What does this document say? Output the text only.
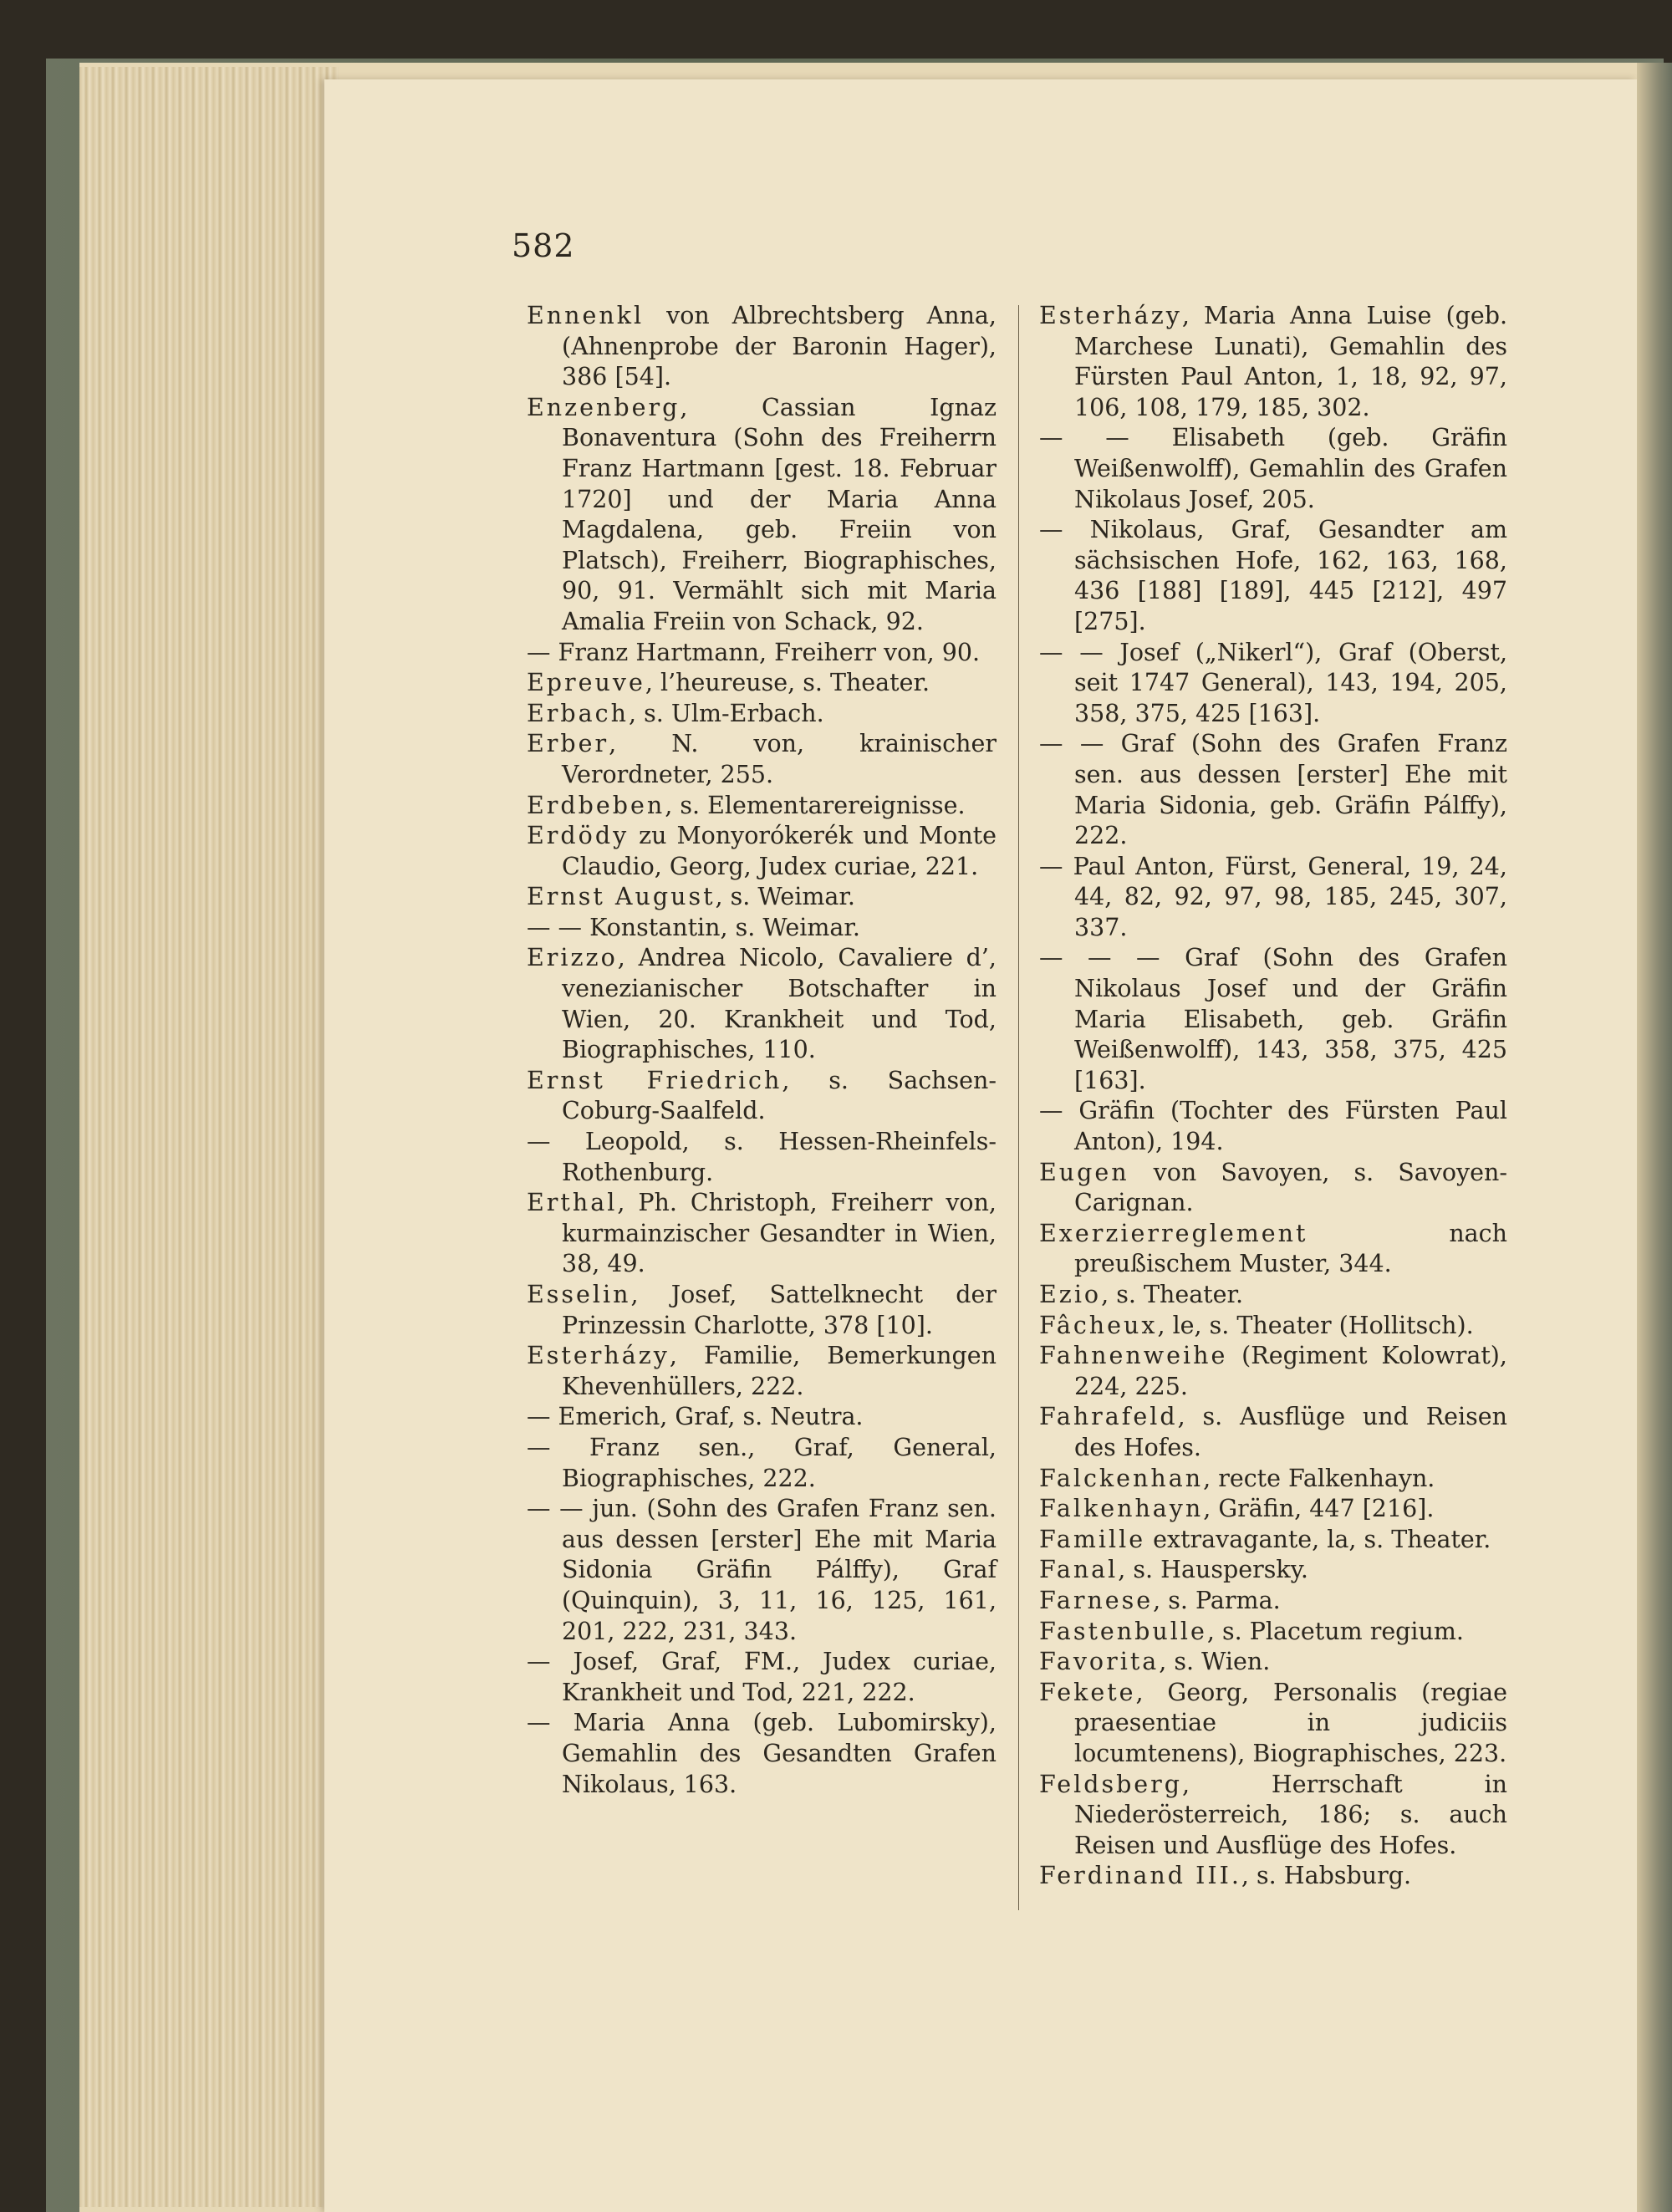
582

Ennenkl von Albrechtsberg Anna, (Ahnenprobe der Baronin Hager), 386 [54].

Enzenberg, Cassian Ignaz Bonaventura (Sohn des Freiherrn Franz Hartmann [gest. 18. Februar 1720] und der Maria Anna Magdalena, geb. Freiin von Platsch), Freiherr, Biographisches, 90, 91. Vermählt sich mit Maria Amalia Freiin von Schack, 92.

— Franz Hartmann, Freiherr von, 90.

Epreuve, l’heureuse, s. Theater.

Erbach, s. Ulm-Erbach.

Erber, N. von, krainischer Verordneter, 255.

Erdbeben, s. Elementarereignisse.

Erdödy zu Monyorókerék und Monte Claudio, Georg, Judex curiae, 221.

Ernst August, s. Weimar.

— — Konstantin, s. Weimar.

Erizzo, Andrea Nicolo, Cavaliere d’, venezianischer Botschafter in Wien, 20. Krankheit und Tod, Biographisches, 110.

Ernst Friedrich, s. Sachsen-Coburg-Saalfeld.

— Leopold, s. Hessen-Rheinfels-Rothenburg.

Erthal, Ph. Christoph, Freiherr von, kurmainzischer Gesandter in Wien, 38, 49.

Esselin, Josef, Sattelknecht der Prinzessin Charlotte, 378 [10].

Esterházy, Familie, Bemerkungen Khevenhüllers, 222.

— Emerich, Graf, s. Neutra.

— Franz sen., Graf, General, Biographisches, 222.

— — jun. (Sohn des Grafen Franz sen. aus dessen [erster] Ehe mit Maria Sidonia Gräfin Pálffy), Graf (Quinquin), 3, 11, 16, 125, 161, 201, 222, 231, 343.

— Josef, Graf, FM., Judex curiae, Krankheit und Tod, 221, 222.

— Maria Anna (geb. Lubomirsky), Gemahlin des Gesandten Grafen Nikolaus, 163.

Esterházy, Maria Anna Luise (geb. Marchese Lunati), Gemahlin des Fürsten Paul Anton, 1, 18, 92, 97, 106, 108, 179, 185, 302.

— — Elisabeth (geb. Gräfin Weißenwolff), Gemahlin des Grafen Nikolaus Josef, 205.

— Nikolaus, Graf, Gesandter am sächsischen Hofe, 162, 163, 168, 436 [188] [189], 445 [212], 497 [275].

— — Josef („Nikerl“), Graf (Oberst, seit 1747 General), 143, 194, 205, 358, 375, 425 [163].

— — Graf (Sohn des Grafen Franz sen. aus dessen [erster] Ehe mit Maria Sidonia, geb. Gräfin Pálffy), 222.

— Paul Anton, Fürst, General, 19, 24, 44, 82, 92, 97, 98, 185, 245, 307, 337.

— — — Graf (Sohn des Grafen Nikolaus Josef und der Gräfin Maria Elisabeth, geb. Gräfin Weißenwolff), 143, 358, 375, 425 [163].

— Gräfin (Tochter des Fürsten Paul Anton), 194.

Eugen von Savoyen, s. Savoyen-Carignan.

Exerzierreglement nach preußischem Muster, 344.

Ezio, s. Theater.

Fâcheux, le, s. Theater (Hollitsch).

Fahnenweihe (Regiment Kolowrat), 224, 225.

Fahrafeld, s. Ausflüge und Reisen des Hofes.

Falckenhan, recte Falkenhayn.

Falkenhayn, Gräfin, 447 [216].

Famille extravagante, la, s. Theater.

Fanal, s. Hauspersky.

Farnese, s. Parma.

Fastenbulle, s. Placetum regium.

Favorita, s. Wien.

Fekete, Georg, Personalis (regiae praesentiae in judiciis locumtenens), Biographisches, 223.

Feldsberg, Herrschaft in Niederösterreich, 186; s. auch Reisen und Ausflüge des Hofes.

Ferdinand III., s. Habsburg.
